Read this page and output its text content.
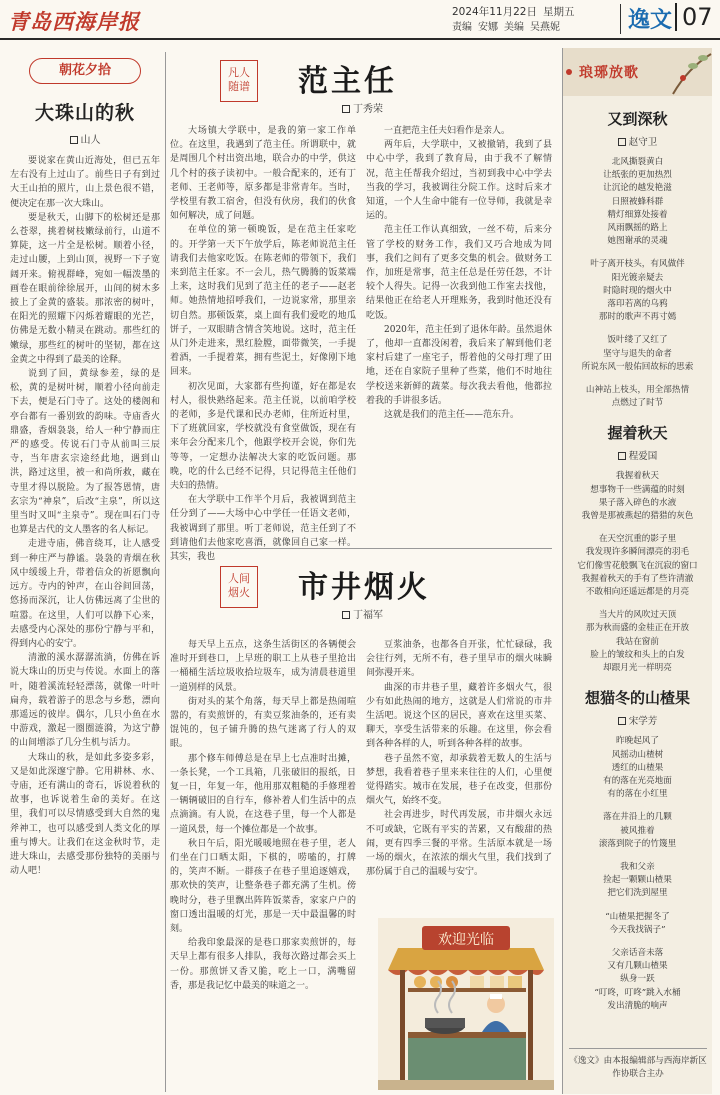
青岛西海岸报	2024年11月22日 星期五
责编 安娜 美编 吴燕妮	逸文 07
朝花夕拾
大珠山的秋
山人

要说家在黄山近海处，但已五年左右没有上过山了。前些日子有到过大王山拍的照片，山上景色很不错，便决定在那一次大珠山。

要是秋天，山脚下的松树还是那么苍翠，挑着树枝嫩绿前行，山道不算陡，这一片全是松树。顺着小径，走过山腰，上到山顶，视野一下子宽阔开来。俯视群峰，宛如一幅泼墨的画卷在眼前徐徐展开，山间的树木多披上了金黄的盛装。那浓密的树叶，在阳光的照耀下闪烁着耀眼的光芒，仿佛是无数小精灵在跳动。那些红的嫩绿，那些红的树叶的坚韧，都在这金黄之中得到了最美的诠释。

说到了回，黄绿参差，绿的是松，黄的是树叶树，顺着小径向前走下去，便是石门寺了。这处的楼阁和亭台都有一番别致的韵味。寺庙香火鼎盛，香烟袅袅，给人一种宁静而庄严的感受。传说石门寺从前叫三辰寺，当年唐玄宗途经此地，遇到山洪，路过这里，被一和尚所救，藏在寺里才得以脱险。为了报答恩情，唐玄宗为“神泉”，后改“主泉”，所以这里当时又叫“主泉寺”。现在叫石门寺也算是古代的文人墨客的名人标记。

走进寺庙，佛音绕耳，让人感受到一种庄严与静谧。袅袅的青烟在秋风中缓缓上升，带着信众的祈愿飘向远方。寺内的钟声，在山谷间回荡，悠扬而深沉，让人仿佛远离了尘世的喧嚣。在这里，人们可以静下心来，去感受内心深处的那份宁静与平和，得到内心的安宁。

清澈的溪水潺潺流淌，仿佛在诉说大珠山的历史与传说。水面上的落叶，随着溪流轻轻漂荡，就像一叶叶扁舟，载着游子的思念与乡愁，漂向那遥远的彼岸。偶尔，几只小鱼在水中游戏，激起一圈圈涟漪，为这宁静的山间增添了几分生机与活力。

大珠山的秋，是如此多姿多彩，又是如此深邃宁静。它用耕林、水、寺庙，还有满山的奇石，诉说着秋的故事，也诉说着生命的美好。在这里，我们可以尽情感受到大自然的鬼斧神工，也可以感受到人类文化的厚重与博大。让我们在这金秋时节，走进大珠山，去感受那份独特的美丽与动人吧！

凡人
随谱 范主任
丁秀荣

大场镇大学联中，是我的第一家工作单位。在这里，我遇到了范主任。所谓联中，就是周围几个村出资出地，联合办的中学，供这几个村的孩子读初中。一般合配来的，还有丁老师、王老师等，原多都是非常青年。当时，学校里有教工宿舍，但没有伙房，我们的伙食如何解决，成了问题。

在单位的第一顿晚饭，是在范主任家吃的。开学第一天下午放学后，陈老师说范主任请我们去他家吃饭。在陈老师的带领下，我们来到范主任家。不一会儿，热气腾腾的饭菜端上来，这时我们见到了范主任的老子——赵老师。她热情地招呼我们，一边说家常，那里亲切自然。那顿饭菜，桌上面有我们爱吃的地瓜饼子，一双眼睛含情含笑地说。这时，范主任从门外走进来，黑红脸膛，面带微笑，一手提着酒，一手提着菜，拥有些泥土，好像刚下地回来。

初次见面，大家都有些拘谨，好在都是农村人，很快熟络起来。范主任说，以前咱学校的老师，多是代课和民办老师，住所近村里，下了班就回家，学校就没有食堂做饭，现在有来年会分配来几个，他跟学校开会说，你们先等等，一定想办法解决大家的吃饭问题。那晚，吃的什么已经不记得，只记得范主任他们夫妇的热情。

在大学联中工作半个月后，我被调到范主任分到了——大场中心中学任一任语文老师，我被调到了那里。听丁老师说，范主任到了不到请他们去他家吃喜酒，就像回自己家一样。其实，我也

一直把范主任夫妇看作是亲人。

两年后，大学联中，又被撤销，我到了县中心中学，我到了教育局，由于我不了解情况，范主任帮我介绍过，当初到我中心中学去当我的学习，我被调往分院工作。这时后来才知道，一个人生命中能有一位导师，我就是幸运的。

范主任工作认真细致，一丝不苟，后来分管了学校的财务工作，我们又巧合地成为同事，我们之间有了更多交集的机会。做财务工作，加班是常事，范主任总是任劳任怨，不计较个人得失。记得一次我到他工作室去找他，结果他正在给老人开理账务，我到时他还没有吃饭。

2020年，范主任到了退休年龄。虽然退休了，他却一直都没闲着，我后来了解到他们老家村后建了一座宅子，帮着他的父母打理了田地，还在自家院子里种了些菜，他们不时地往学校送来新鲜的蔬菜。每次我去看他，他都拉着我的手讲很多话。

这就是我们的范主任——范东升。

人间
烟火 市井烟火
丁福军

每天早上五点，这条生活街区的各辆便会准时开到巷口，上早班的职工上从巷子里抢出一桶桶生活垃圾收拾垃圾车，成为清晨巷道里一道别样的风景。

街对头的某个角落，每天早上都是热闹喧嚣的，有卖煎饼的，有卖豆浆油条的，还有卖馄饨的，包子铺升腾的热气迷离了行人的双眼。

那个修车师傅总是在早上七点准时出摊，一条长凳，一个工具箱，几张破旧的报纸，日复一日，年复一年，他用那双粗糙的手修理着一辆辆破旧的自行车，修补着人们生活中的点点滴滴。有人说，在这巷子里，每一个人都是一道风景，每一个摊位都是一个故事。

秋日午后，阳光暖暖地照在巷子里，老人们坐在门口晒太阳，下棋的，唠嗑的，打牌的，笑声不断。一群孩子在巷子里追逐嬉戏，那欢快的笑声，让整条巷子都充满了生机。傍晚时分，巷子里飘出阵阵饭菜香，家家户户的窗口透出温暖的灯光，那是一天中最温馨的时刻。

给我印象最深的是巷口那家卖煎饼的，每天早上都有很多人排队，我每次路过都会买上一份。那煎饼又香又脆，吃上一口，满嘴留香，那是我记忆中最美的味道之一。

豆浆油条，也都各自开张，忙忙碌碌，我会往行列，无所不有，巷子里早市的烟火味瞬间弥漫开来。

曲深的市井巷子里，藏着许多烟火气，很少有如此热闹的地方，这就是人们常说的市井生活吧。说这个区的居民，喜欢在这里买菜、聊天，享受生活带来的乐趣。在这里，你会看到各种各样的人，听到各种各样的故事。

巷子虽然不宽，却承载着无数人的生活与梦想，我看着巷子里来来往往的人们，心里便觉得踏实。城市在发展，巷子在改变，但那份烟火气，始终不变。

社会再进步，时代再发展，市井烟火永远不可或缺，它既有平实的苦累，又有酸甜的热闹，更有四季三餐的平常。生活原本就是一场一场的烟火，在浓浓的烟火气里，我们找到了那份属于自己的温暖与安宁。

欢迎光临
琅琊放歌
又到深秋
赵守卫
北风撕裂黄白
让纸张的更加热烈
让沉论的越发艳滋
日照被蜂科群
精灯细算处接着
风雨飘摇的路上
她图谢承的灵魂
叶子离开枝头，有风做伴
阳光镀亲疑去
时隐时现的烟火中
落印若离的乌鸦
那时的歌声不再寸嫣
饭叶缕了又红了
坚守与退失的命者
所说东风一般佑回故标的思索
山神站上枝头，用全部热情
点燃过了时节
握着秋天
程爱国
我握着秋天
想事物千一些满蕴的时刻
果子落入碎色的水液
我曾是那被燕起的猎猎的灰色
在天空沉重的影子里
我发现许多瞬间漂亮的羽毛
它们像雪花般飘飞在沉寂的窗口
我握着秋天的手有了些许清澈
不敢相向还遥远都是的月亮
当大片的风吹过天顶
那为秋而盛的金桂正在开放
我站在窗前
脸上的皱纹和头上的白发
却跟月光一样明亮
想猫冬的山楂果
宋学芳
昨晚起风了
风摇动山楂树
透红的山楂果
有的落在光亮地面
有的落在小红里
落在井沿上的几颗
被风推着
滚落到院子的竹篾里
我和父亲
捡起一颗颗山楂果
把它们洗到屋里
“山楂果把握冬了
今天我找锅子”
父亲话音未落
又有几颗山楂果
纵身一跃
“叮咚，叮咚”跳入水桶
发出清脆的响声
《逸文》由本报编辑部与西海岸新区作协联合主办
